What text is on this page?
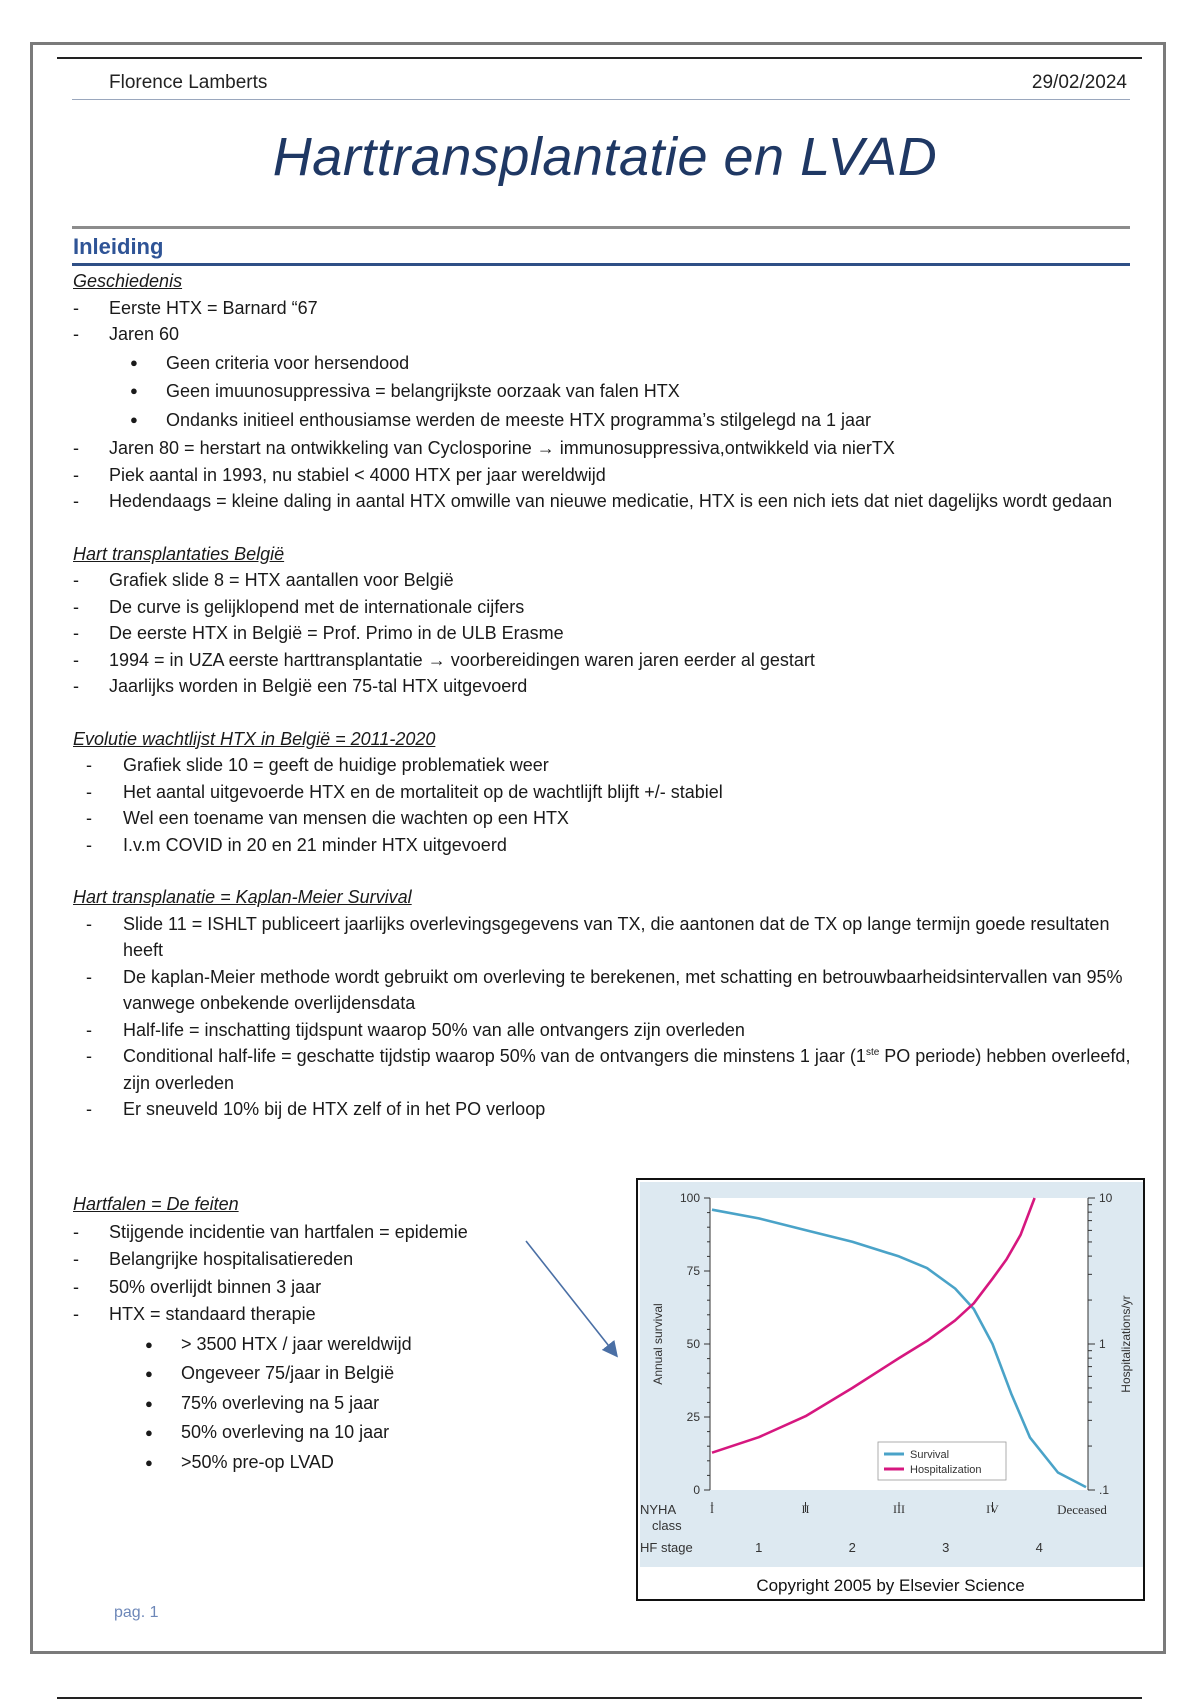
Florence Lamberts	29/02/2024
Harttransplantatie en LVAD
Inleiding

Geschiedenis

- Eerste HTX = Barnard “67
- Jaren 60
● Geen criteria voor hersendood
● Geen imuunosuppressiva = belangrijkste oorzaak van falen HTX
● Ondanks initieel enthousiamse werden de meeste HTX programma’s stilgelegd na 1 jaar
- Jaren 80 = herstart na ontwikkeling van Cyclosporine → immunosuppressiva,ontwikkeld via nierTX
- Piek aantal in 1993, nu stabiel < 4000 HTX per jaar wereldwijd
- Hedendaags = kleine daling in aantal HTX omwille van nieuwe medicatie, HTX is een nich iets dat niet dagelijks wordt gedaan

Hart transplantaties België

- Grafiek slide 8 = HTX aantallen voor België
- De curve is gelijklopend met de internationale cijfers
- De eerste HTX in België = Prof. Primo in de ULB Erasme
- 1994 = in UZA eerste harttransplantatie → voorbereidingen waren jaren eerder al gestart
- Jaarlijks worden in België een 75-tal HTX uitgevoerd

Evolutie wachtlijst HTX in België = 2011-2020

- Grafiek slide 10 = geeft de huidige problematiek weer
- Het aantal uitgevoerde HTX en de mortaliteit op de wachtlijft blijft +/- stabiel
- Wel een toename van mensen die wachten op een HTX
- I.v.m COVID in 20 en 21 minder HTX uitgevoerd

Hart transplanatie = Kaplan-Meier Survival

- Slide 11 = ISHLT publiceert jaarlijks overlevingsgegevens van TX, die aantonen dat de TX op lange termijn goede resultaten heeft
- De kaplan-Meier methode wordt gebruikt om overleving te berekenen, met schatting en betrouwbaarheidsintervallen van 95% vanwege onbekende overlijdensdata
- Half-life = inschatting tijdspunt waarop 50% van alle ontvangers zijn overleden
- Conditional half-life = geschatte tijdstip waarop 50% van de ontvangers die minstens 1 jaar (1ste PO periode) hebben overleefd, zijn overleden
- Er sneuveld 10% bij de HTX zelf of in het PO verloop

Hartfalen = De feiten

- Stijgende incidentie van hartfalen = epidemie
- Belangrijke hospitalisatiereden
- 50% overlijdt binnen 3 jaar
- HTX = standaard therapie
● > 3500 HTX / jaar wereldwijd
● Ongeveer 75/jaar in België
● 75% overleving na 5 jaar
● 50% overleving na 10 jaar
● >50% pre-op LVAD
100
75
50
25
0
10
1
.1
Annual survival	Hospitalizations/yr
I	II	III	IV	Deceased
NYHA
class
HF stage	1	2	3	4
Survival
Hospitalization
Copyright 2005 by Elsevier Science
pag. 1
